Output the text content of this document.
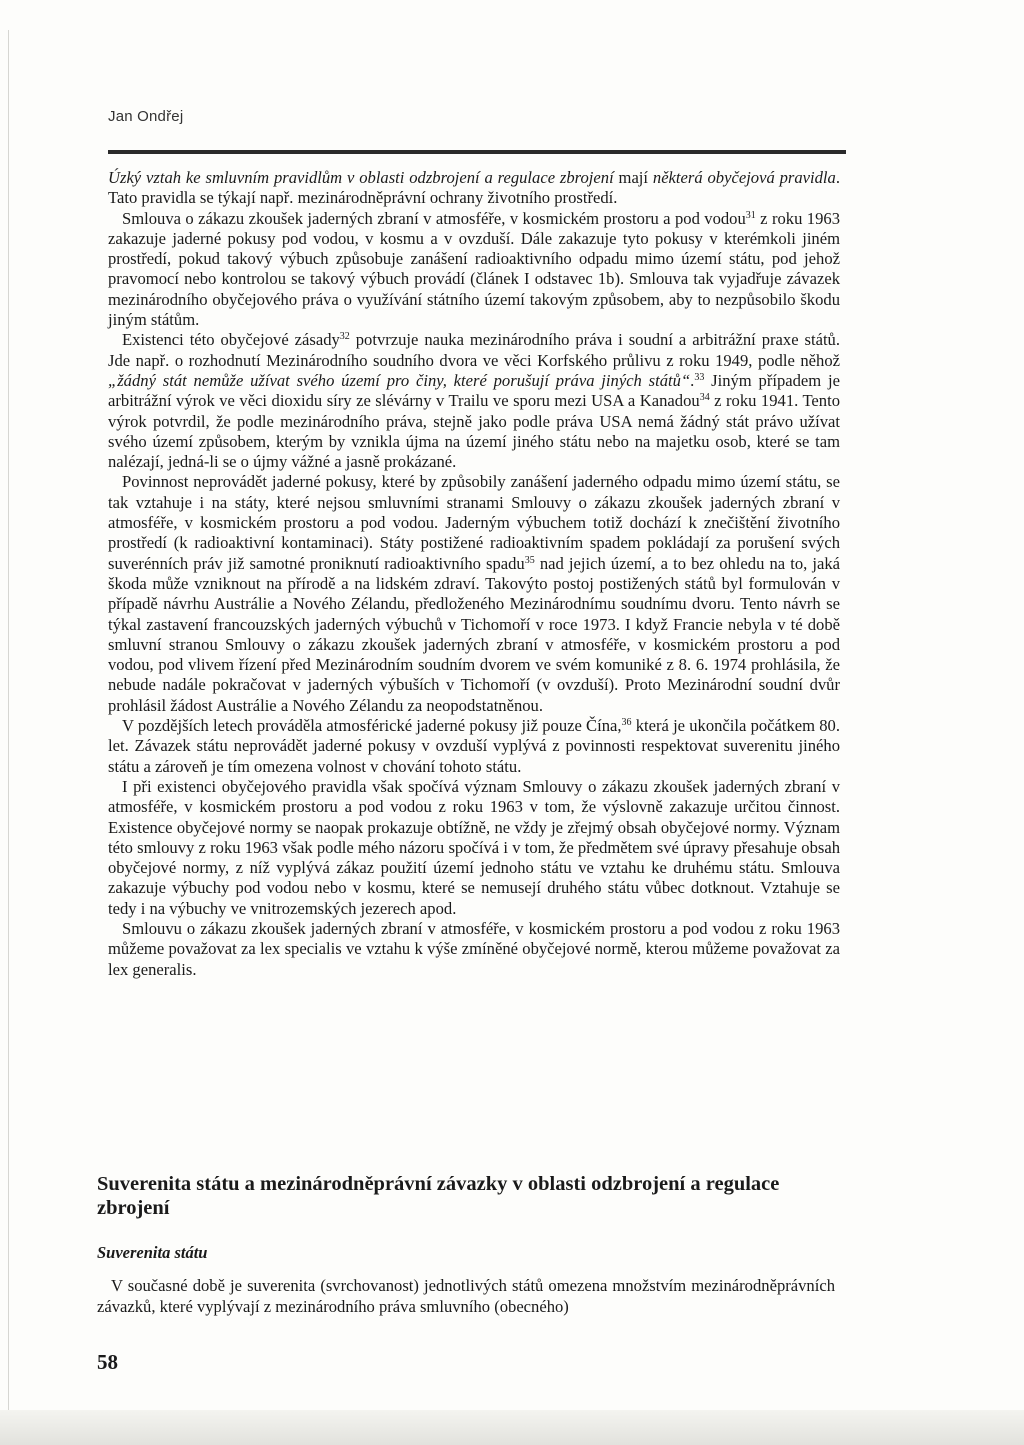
Jan Ondřej

Úzký vztah ke smluvním pravidlům v oblasti odzbrojení a regulace zbrojení mají některá obyčejová pravidla. Tato pravidla se týkají např. mezinárodněprávní ochrany životního prostředí.

Smlouva o zákazu zkoušek jaderných zbraní v atmosféře, v kosmickém prostoru a pod vodou$^{31}$ z roku 1963 zakazuje jaderné pokusy pod vodou, v kosmu a v ovzduší. Dále zakazuje tyto pokusy v kterémkoli jiném prostředí, pokud takový výbuch způsobuje zanášení radioaktivního odpadu mimo území státu, pod jehož pravomocí nebo kontrolou se takový výbuch provádí (článek I odstavec 1b). Smlouva tak vyjadřuje závazek mezinárodního obyčejového práva o využívání státního území takovým způsobem, aby to nezpůsobilo škodu jiným státům.

Existenci této obyčejové zásady$^{32}$ potvrzuje nauka mezinárodního práva i soudní a arbitrážní praxe států. Jde např. o rozhodnutí Mezinárodního soudního dvora ve věci Korfského průlivu z roku 1949, podle něhož „žádný stát nemůže užívat svého území pro činy, které porušují práva jiných států“.$^{33}$ Jiným případem je arbitrážní výrok ve věci dioxidu síry ze slévárny v Trailu ve sporu mezi USA a Kanadou$^{34}$ z roku 1941. Tento výrok potvrdil, že podle mezinárodního práva, stejně jako podle práva USA nemá žádný stát právo užívat svého území způsobem, kterým by vznikla újma na území jiného státu nebo na majetku osob, které se tam nalézají, jedná-li se o újmy vážné a jasně prokázané.

Povinnost neprovádět jaderné pokusy, které by způsobily zanášení jaderného odpadu mimo území státu, se tak vztahuje i na státy, které nejsou smluvními stranami Smlouvy o zákazu zkoušek jaderných zbraní v atmosféře, v kosmickém prostoru a pod vodou. Jaderným výbuchem totiž dochází k znečištění životního prostředí (k radioaktivní kontaminaci). Státy postižené radioaktivním spadem pokládají za porušení svých suverénních práv již samotné proniknutí radioaktivního spadu$^{35}$ nad jejich území, a to bez ohledu na to, jaká škoda může vzniknout na přírodě a na lidském zdraví. Takovýto postoj postižených států byl formulován v případě návrhu Austrálie a Nového Zélandu, předloženého Mezinárodnímu soudnímu dvoru. Tento návrh se týkal zastavení francouzských jaderných výbuchů v Tichomoří v roce 1973. I když Francie nebyla v té době smluvní stranou Smlouvy o zákazu zkoušek jaderných zbraní v atmosféře, v kosmickém prostoru a pod vodou, pod vlivem řízení před Mezinárodním soudním dvorem ve svém komuniké z 8. 6. 1974 prohlásila, že nebude nadále pokračovat v jaderných výbuších v Tichomoří (v ovzduší). Proto Mezinárodní soudní dvůr prohlásil žádost Austrálie a Nového Zélandu za neopodstatněnou.

V pozdějších letech prováděla atmosférické jaderné pokusy již pouze Čína,$^{36}$ která je ukončila počátkem 80. let. Závazek státu neprovádět jaderné pokusy v ovzduší vyplývá z povinnosti respektovat suverenitu jiného státu a zároveň je tím omezena volnost v chování tohoto státu.

I při existenci obyčejového pravidla však spočívá význam Smlouvy o zákazu zkoušek jaderných zbraní v atmosféře, v kosmickém prostoru a pod vodou z roku 1963 v tom, že výslovně zakazuje určitou činnost. Existence obyčejové normy se naopak prokazuje obtížně, ne vždy je zřejmý obsah obyčejové normy. Význam této smlouvy z roku 1963 však podle mého názoru spočívá i v tom, že předmětem své úpravy přesahuje obsah obyčejové normy, z níž vyplývá zákaz použití území jednoho státu ve vztahu ke druhému státu. Smlouva zakazuje výbuchy pod vodou nebo v kosmu, které se nemusejí druhého státu vůbec dotknout. Vztahuje se tedy i na výbuchy ve vnitrozemských jezerech apod.

Smlouvu o zákazu zkoušek jaderných zbraní v atmosféře, v kosmickém prostoru a pod vodou z roku 1963 můžeme považovat za lex specialis ve vztahu k výše zmíněné obyčejové normě, kterou můžeme považovat za lex generalis.

Suverenita státu a mezinárodněprávní závazky v oblasti odzbrojení a regulace zbrojení
Suverenita státu

V současné době je suverenita (svrchovanost) jednotlivých států omezena množstvím mezinárodněprávních závazků, které vyplývají z mezinárodního práva smluvního (obecného)

58
